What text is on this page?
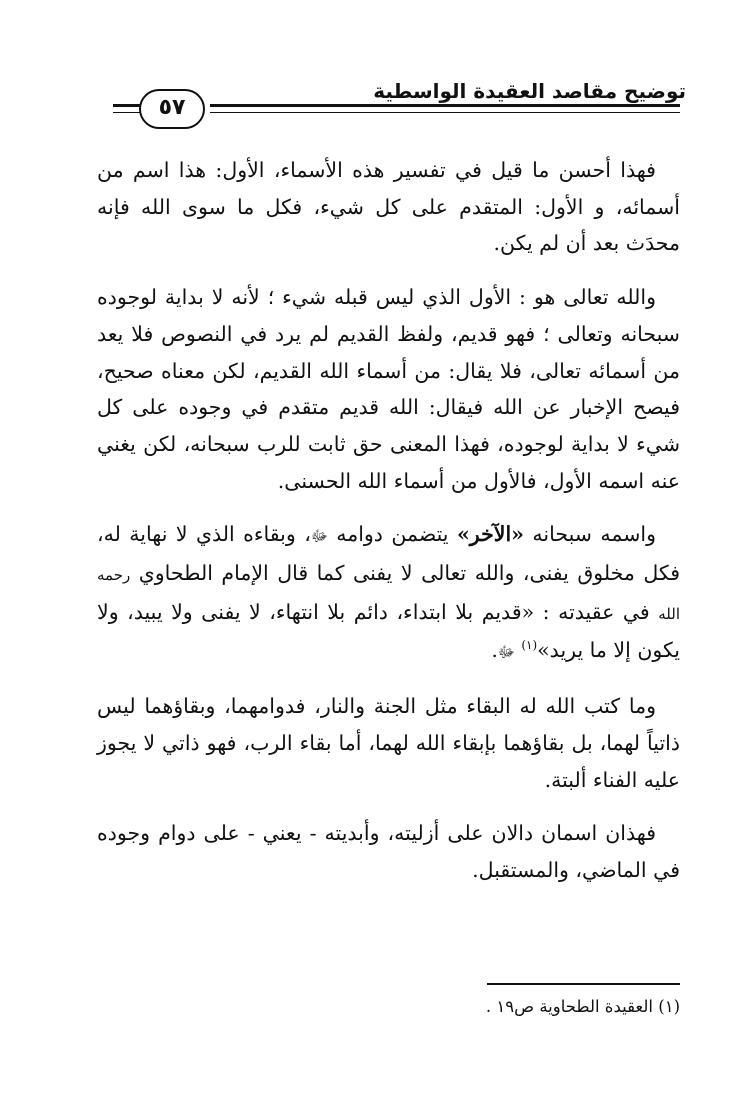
توضيح مقاصد العقيدة الواسطية
٥٧

فهذا أحسن ما قيل في تفسير هذه الأسماء، الأول: هذا اسم من أسمائه، و الأول: المتقدم على كل شيء، فكل ما سوى الله فإنه محدَث بعد أن لم يكن.

والله تعالى هو : الأول الذي ليس قبله شيء ؛ لأنه لا بداية لوجوده سبحانه وتعالى ؛ فهو قديم، ولفظ القديم لم يرد في النصوص فلا يعد من أسمائه تعالى، فلا يقال: من أسماء الله القديم، لكن معناه صحيح، فيصح الإخبار عن الله فيقال: الله قديم متقدم في وجوده على كل شيء لا بداية لوجوده، فهذا المعنى حق ثابت للرب سبحانه، لكن يغني عنه اسمه الأول، فالأول من أسماء الله الحسنى.

واسمه سبحانه «الآخر» يتضمن دوامه ﷻ، وبقاءه الذي لا نهاية له، فكل مخلوق يفنى، والله تعالى لا يفنى كما قال الإمام الطحاوي رحمه الله في عقيدته : «قديم بلا ابتداء، دائم بلا انتهاء، لا يفنى ولا يبيد، ولا يكون إلا ما يريد»$^{(١)}$ ﷻ.

وما كتب الله له البقاء مثل الجنة والنار، فدوامهما، وبقاؤهما ليس ذاتياً لهما، بل بقاؤهما بإبقاء الله لهما، أما بقاء الرب، فهو ذاتي لا يجوز عليه الفناء ألبتة.

فهذان اسمان دالان على أزليته، وأبديته - يعني - على دوام وجوده في الماضي، والمستقبل.

(١) العقيدة الطحاوية ص١٩ .
